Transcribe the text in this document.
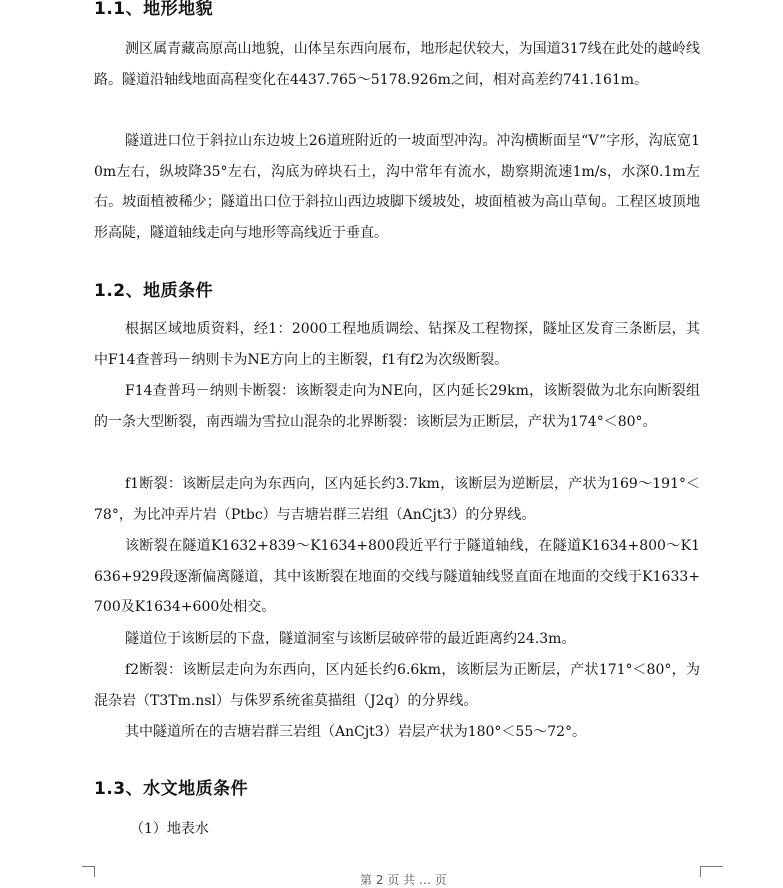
1.1、地形地貌

测区属青藏高原高山地貌，山体呈东西向展布，地形起伏较大，为国道317线在此处的越岭线路。隧道沿轴线地面高程变化在4437.765～5178.926m之间，相对高差约741.161m。

隧道进口位于斜拉山东边坡上26道班附近的一坡面型冲沟。冲沟横断面呈“V”字形，沟底宽10m左右，纵坡降35°左右，沟底为碎块石土，沟中常年有流水，勘察期流速1m/s，水深0.1m左右。坡面植被稀少；隧道出口位于斜拉山西边坡脚下缓坡处，坡面植被为高山草甸。工程区坡顶地形高陡，隧道轴线走向与地形等高线近于垂直。

1.2、地质条件

根据区域地质资料，经1：2000工程地质调绘、钻探及工程物探，隧址区发育三条断层，其中F14查普玛－纳则卡为NE方向上的主断裂，f1有f2为次级断裂。

F14查普玛－纳则卡断裂：该断裂走向为NE向，区内延长29km，该断裂做为北东向断裂组的一条大型断裂，南西端为雪拉山混杂的北界断裂：该断层为正断层，产状为174°＜80°。

f1断裂：该断层走向为东西向，区内延长约3.7km，该断层为逆断层，产状为169～191°＜78°，为比冲弄片岩（Ptbc）与吉塘岩群三岩组（AnCjt3）的分界线。

该断裂在隧道K1632+839～K1634+800段近平行于隧道轴线，在隧道K1634+800～K1636+929段逐渐偏离隧道，其中该断裂在地面的交线与隧道轴线竖直面在地面的交线于K1633+700及K1634+600处相交。

隧道位于该断层的下盘，隧道洞室与该断层破碎带的最近距离约24.3m。

f2断裂：该断层走向为东西向，区内延长约6.6km，该断层为正断层，产状171°＜80°，为混杂岩（T3Tm.nsl）与侏罗系统雀莫描组（J2q）的分界线。

其中隧道所在的吉塘岩群三岩组（AnCjt3）岩层产状为180°＜55～72°。

1.3、水文地质条件

（1）地表水

第 2 页 共 … 页
